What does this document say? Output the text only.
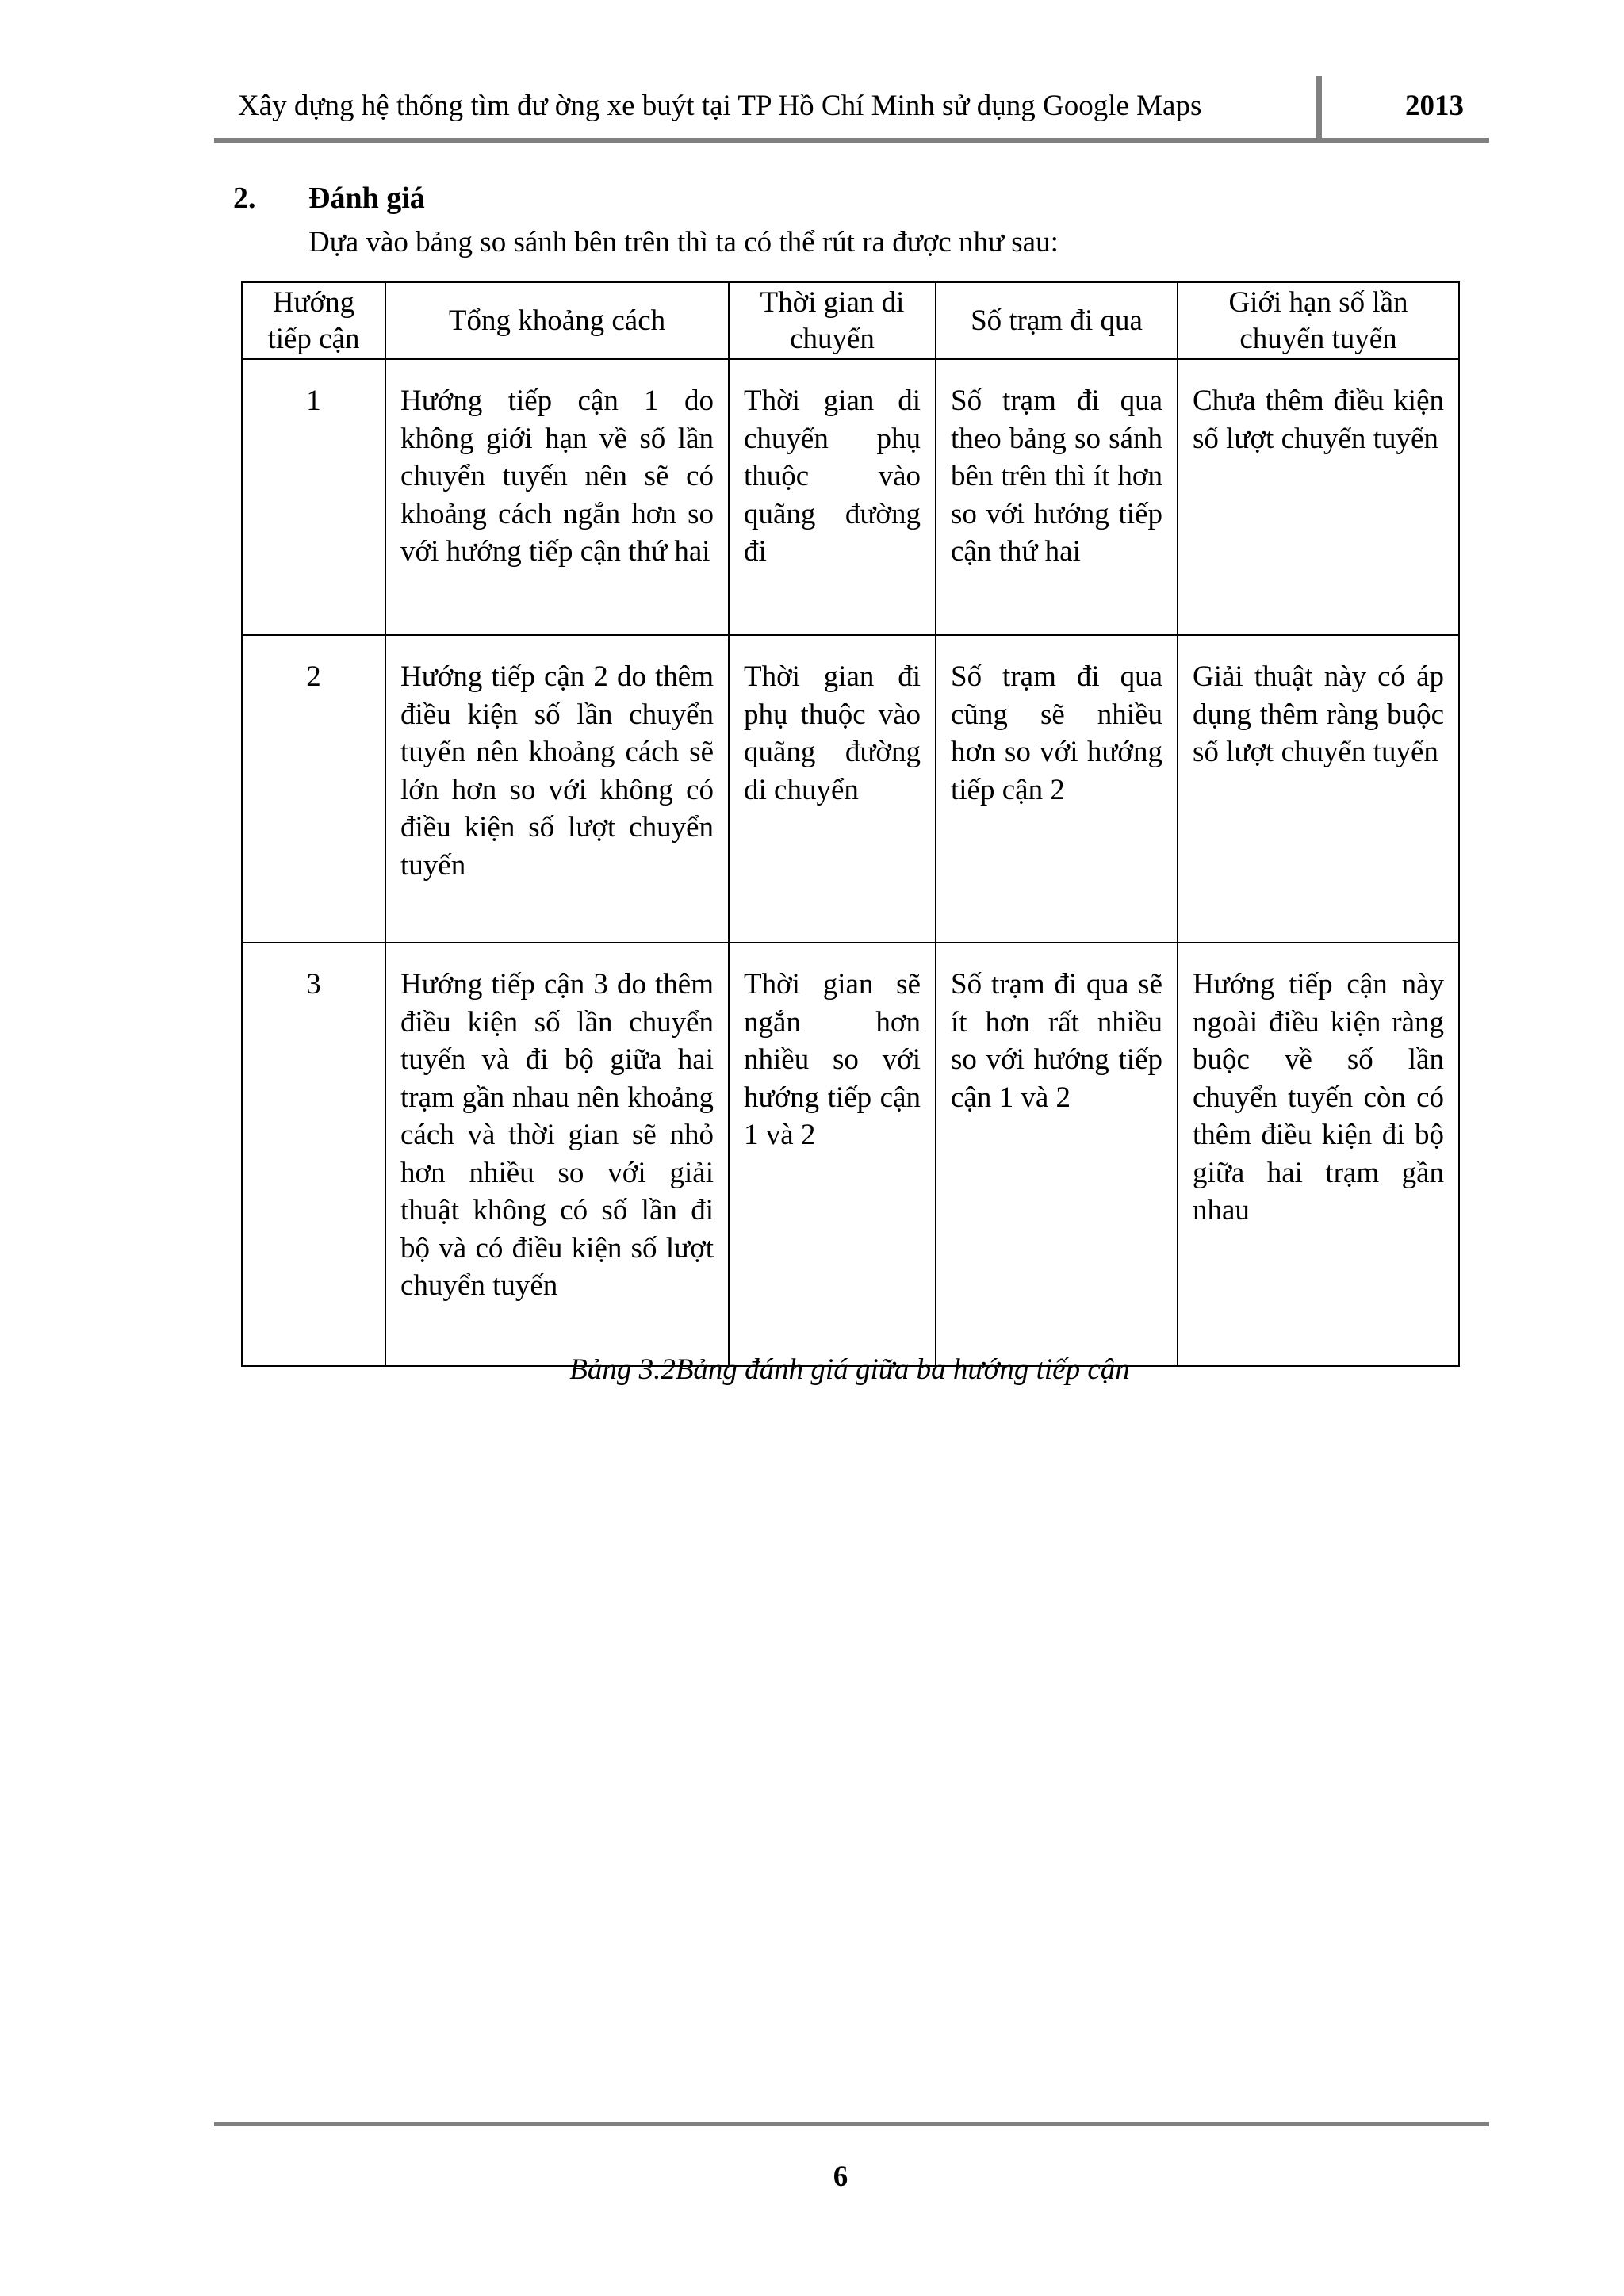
Xây dựng hệ thống tìm đư ờng xe buýt tại TP Hồ Chí Minh sử dụng Google Maps	2013
2. Đánh giá
Dựa vào bảng so sánh bên trên thì ta có thể rút ra được như sau:
Hướng tiếp cận	Tổng khoảng cách	Thời gian di chuyển	Số trạm đi qua	Giới hạn số lần chuyển tuyến
1	Hướng tiếp cận 1 do không giới hạn về số lần chuyển tuyến nên sẽ có khoảng cách ngắn hơn so với hướng tiếp cận thứ hai	Thời gian di chuyển phụ thuộc vào quãng đường đi	Số trạm đi qua theo bảng so sánh bên trên thì ít hơn so với hướng tiếp cận thứ hai	Chưa thêm điều kiện số lượt chuyển tuyến
2	Hướng tiếp cận 2 do thêm điều kiện số lần chuyển tuyến nên khoảng cách sẽ lớn hơn so với không có điều kiện số lượt chuyển tuyến	Thời gian đi phụ thuộc vào quãng đường di chuyển	Số trạm đi qua cũng sẽ nhiều hơn so với hướng tiếp cận 2	Giải thuật này có áp dụng thêm ràng buộc số lượt chuyển tuyến
3	Hướng tiếp cận 3 do thêm điều kiện số lần chuyển tuyến và đi bộ giữa hai trạm gần nhau nên khoảng cách và thời gian sẽ nhỏ hơn nhiều so với giải thuật không có số lần đi bộ và có điều kiện số lượt chuyển tuyến	Thời gian sẽ ngắn hơn nhiều so với hướng tiếp cận 1 và 2	Số trạm đi qua sẽ ít hơn rất nhiều so với hướng tiếp cận 1 và 2	Hướng tiếp cận này ngoài điều kiện ràng buộc về số lần chuyển tuyến còn có thêm điều kiện đi bộ giữa hai trạm gần nhau
Bảng 3.2Bảng đánh giá giữa ba hướng tiếp cận
6
